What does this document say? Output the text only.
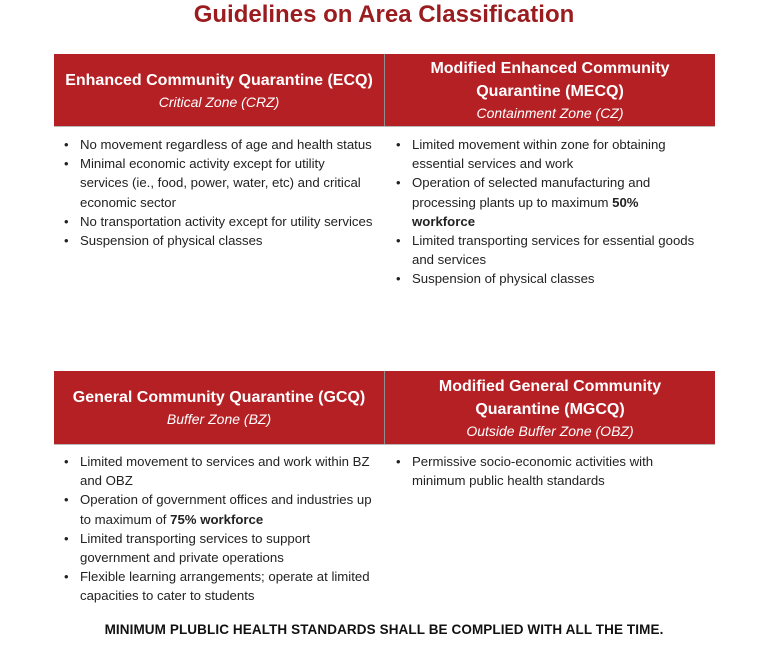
Guidelines on Area Classification
Enhanced Community Quarantine (ECQ)
Critical Zone (CRZ)
Modified Enhanced Community
Quarantine (MECQ)
Containment Zone (CZ)
• No movement regardless of age and health status
• Minimal economic activity except for utility services (ie., food, power, water, etc) and critical economic sector
• No transportation activity except for utility services
• Suspension of physical classes
• Limited movement within zone for obtaining essential services and work
• Operation of selected manufacturing and processing plants up to maximum 50% workforce
• Limited transporting services for essential goods and services
• Suspension of physical classes
General Community Quarantine (GCQ)
Buffer Zone (BZ)
Modified General Community
Quarantine (MGCQ)
Outside Buffer Zone (OBZ)
• Limited movement to services and work within BZ and OBZ
• Operation of government offices and industries up to maximum of 75% workforce
• Limited transporting services to support government and private operations
• Flexible learning arrangements; operate at limited capacities to cater to students
• Permissive socio-economic activities with minimum public health standards
MINIMUM PLUBLIC HEALTH STANDARDS SHALL BE COMPLIED WITH ALL THE TIME.
